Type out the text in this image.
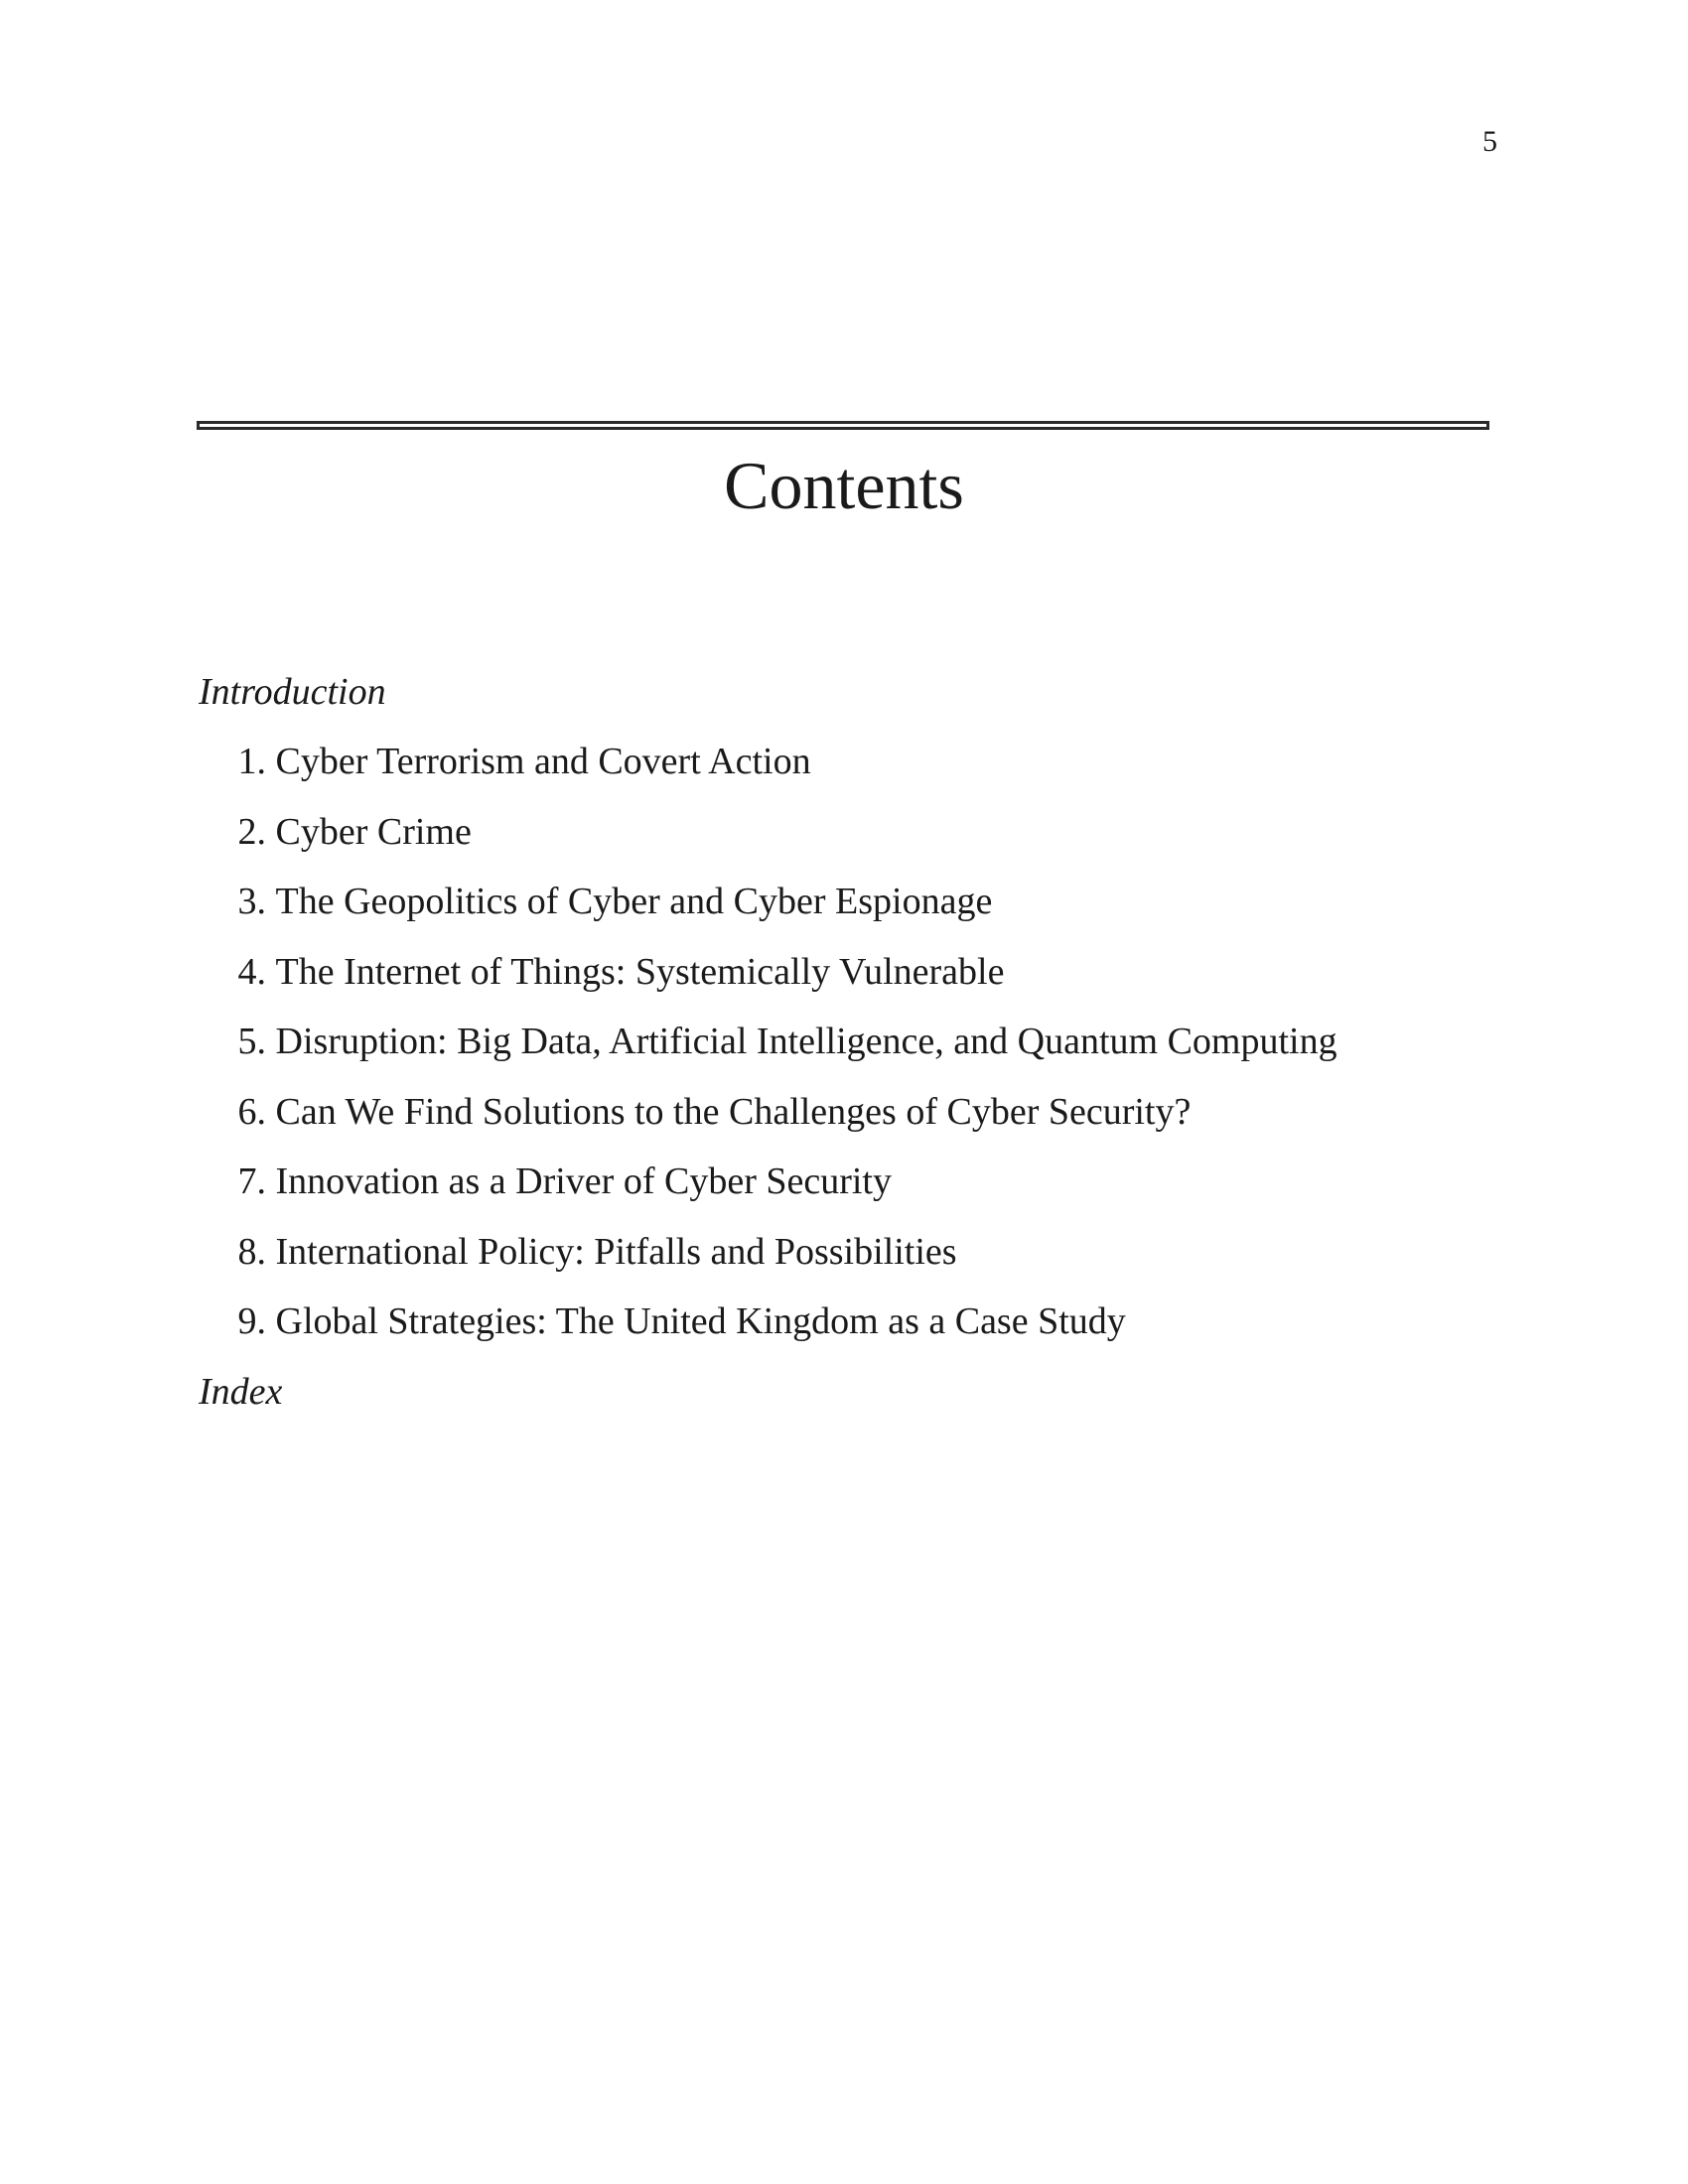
5
Contents
Introduction
1.
Cyber Terrorism and Covert Action
2.
Cyber Crime
3.
The Geopolitics of Cyber and Cyber Espionage
4.
The Internet of Things: Systemically Vulnerable
5.
Disruption: Big Data, Artificial Intelligence, and Quantum Computing
6.
Can We Find Solutions to the Challenges of Cyber Security?
7.
Innovation as a Driver of Cyber Security
8.
International Policy: Pitfalls and Possibilities
9.
Global Strategies: The United Kingdom as a Case Study
Index
